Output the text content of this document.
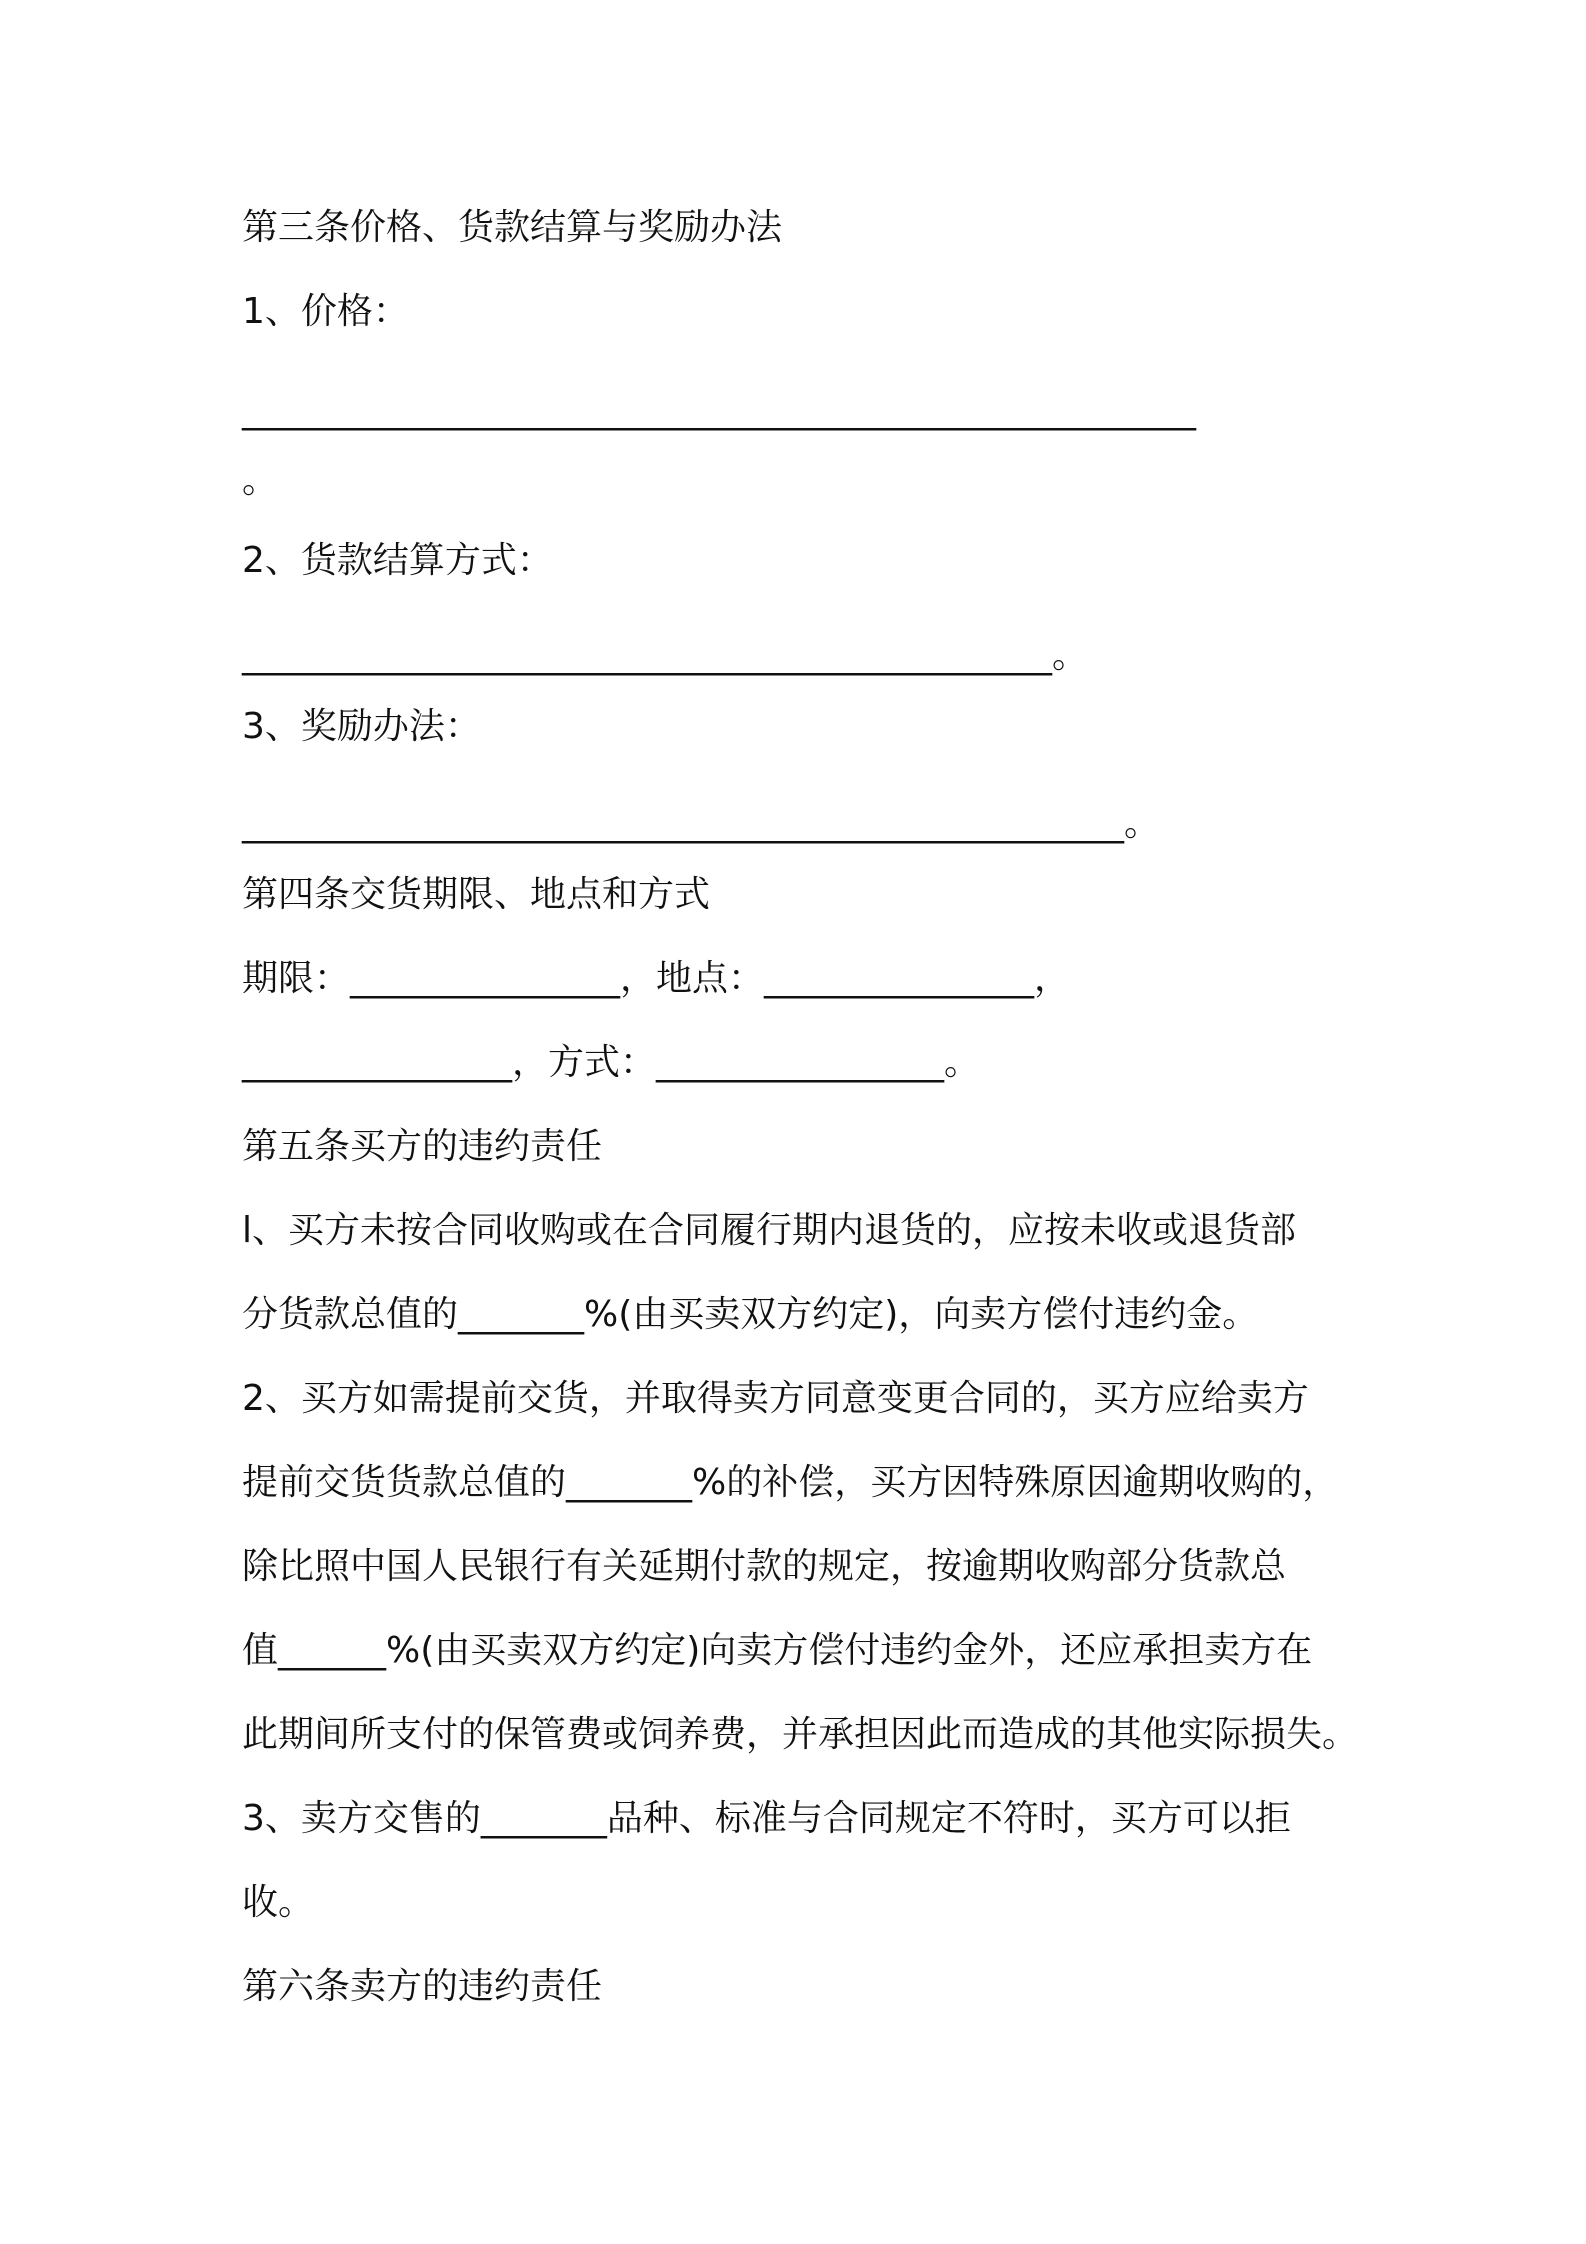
第三条价格、货款结算与奖励办法
1、价格：
_____________________________________________________
。
2、货款结算方式：
_____________________________________________。
3、奖励办法：
_________________________________________________。
第四条交货期限、地点和方式
期限：_______________，地点：_______________，
_______________，方式：________________。
第五条买方的违约责任
l、买方未按合同收购或在合同履行期内退货的，应按未收或退货部
分货款总值的_______%(由买卖双方约定)，向卖方偿付违约金。
2、买方如需提前交货，并取得卖方同意变更合同的，买方应给卖方
提前交货货款总值的_______%的补偿，买方因特殊原因逾期收购的，
除比照中国人民银行有关延期付款的规定，按逾期收购部分货款总
值______%(由买卖双方约定)向卖方偿付违约金外，还应承担卖方在
此期间所支付的保管费或饲养费，并承担因此而造成的其他实际损失。
3、卖方交售的_______品种、标准与合同规定不符时，买方可以拒
收。
第六条卖方的违约责任
